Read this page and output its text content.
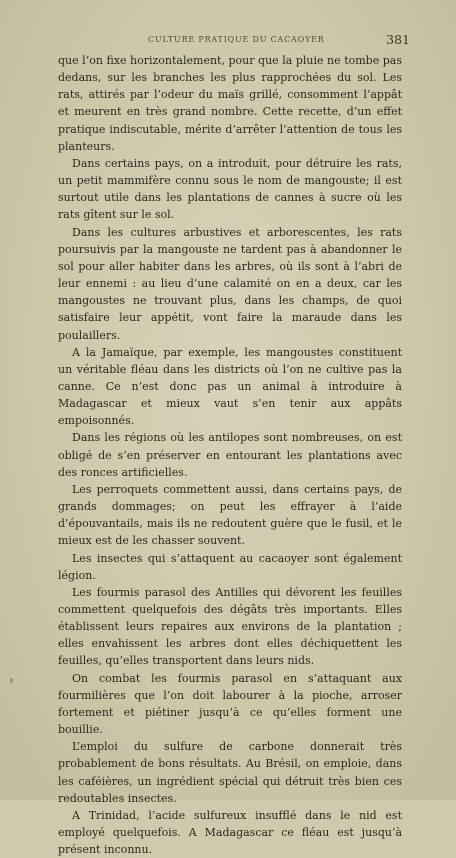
CULTURE PRATIQUE DU CACAOYER	381

que l’on fixe horizontalement, pour que la pluie ne tombe pas dedans, sur les branches les plus rapprochées du sol. Les rats, attirés par l’odeur du maïs grillé, consomment l’appât et meurent en très grand nombre. Cette recette, d’un effet pratique indiscutable, mérite d’arrêter l’attention de tous les planteurs.

Dans certains pays, on a introduit, pour détruire les rats, un petit mammifère connu sous le nom de mangouste; il est surtout utile dans les plantations de cannes à sucre où les rats gîtent sur le sol.

Dans les cultures arbustives et arborescentes, les rats poursuivis par la mangouste ne tardent pas à abandonner le sol pour aller habiter dans les arbres, où ils sont à l’abri de leur ennemi : au lieu d’une calamité on en a deux, car les mangoustes ne trouvant plus, dans les champs, de quoi satisfaire leur appétit, vont faire la maraude dans les poulaillers.

A la Jamaïque, par exemple, les mangoustes constituent un véritable fléau dans les districts où l’on ne cultive pas la canne. Ce n’est donc pas un animal à introduire à Madagascar et mieux vaut s’en tenir aux appâts empoisonnés.

Dans les régions où les antilopes sont nombreuses, on est obligé de s’en préserver en entourant les plantations avec des ronces artificielles.

Les perroquets commettent aussi, dans certains pays, de grands dommages; on peut les effrayer à l’aide d’épouvantails, mais ils ne redoutent guère que le fusil, et le mieux est de les chasser souvent.

Les insectes qui s’attaquent au cacaoyer sont également légion.

Les fourmis parasol des Antilles qui dévorent les feuilles commettent quelquefois des dégâts très importants. Elles établissent leurs repaires aux environs de la plantation ; elles envahissent les arbres dont elles déchiquettent les feuilles, qu’elles transportent dans leurs nids.

On combat les fourmis parasol en s’attaquant aux fourmilières que l’on doit labourer à la pioche, arroser fortement et piétiner jusqu’à ce qu’elles forment une bouillie.

L’emploi du sulfure de carbone donnerait très probablement de bons résultats. Au Brésil, on emploie, dans les caféières, un ingrédient spécial qui détruit très bien ces redoutables insectes.

A Trinidad, l’acide sulfureux insufflé dans le nid est employé quelquefois. A Madagascar ce fléau est jusqu’à présent inconnu.
